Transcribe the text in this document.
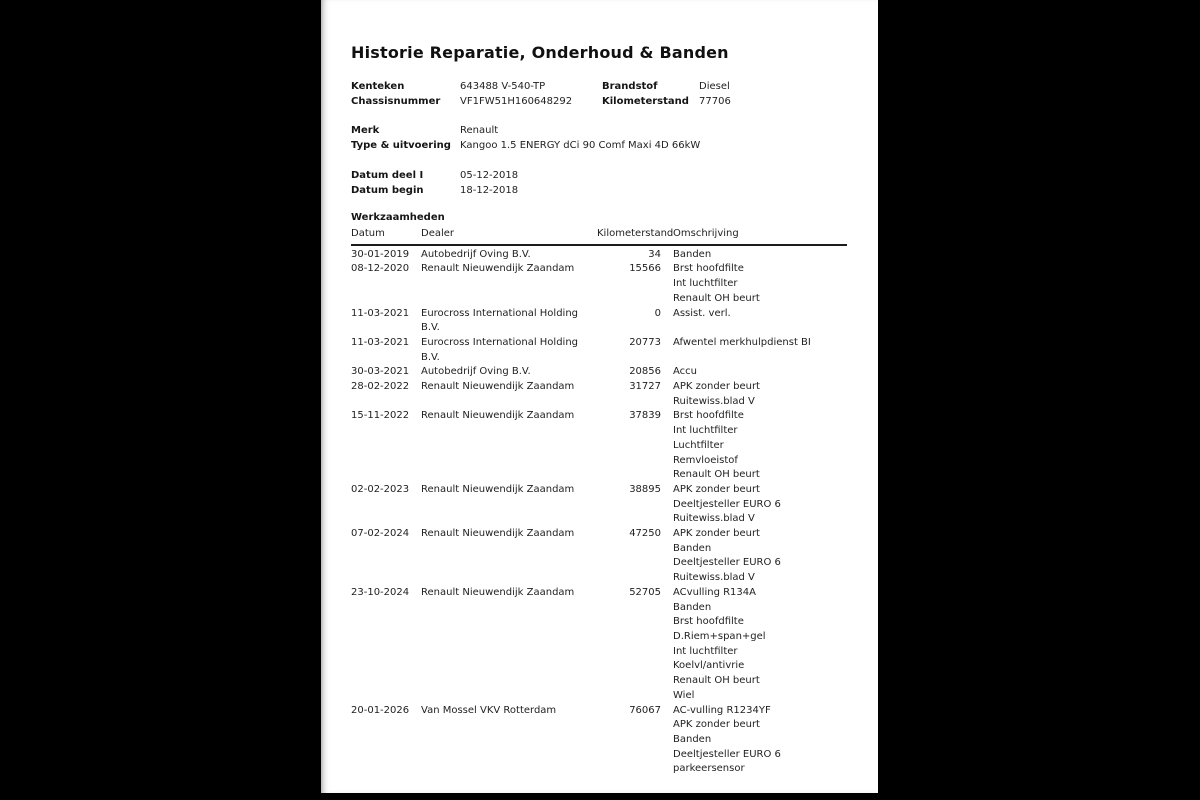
Historie Reparatie, Onderhoud & Banden
Kenteken	643488 V-540-TP	Brandstof	Diesel
Chassisnummer	VF1FW51H160648292	Kilometerstand	77706
Merk	Renault
Type & uitvoering Kangoo 1.5 ENERGY dCi 90 Comf Maxi 4D 66kW
Datum deel I	05-12-2018
Datum begin	18-12-2018
Werkzaamheden
Datum	Dealer	Kilometerstand	Omschrijving
30-01-2019	Autobedrijf Oving B.V.	34	Banden

08-12-2020	Renault Nieuwendijk Zaandam	15566	Brst hoofdfilte
Int luchtfilter
Renault OH beurt

11-03-2021	Eurocross International Holding B.V.	0	Assist. verl.

11-03-2021	Eurocross International Holding B.V.	20773	Afwentel merkhulpdienst BI

30-03-2021	Autobedrijf Oving B.V.	20856	Accu

28-02-2022	Renault Nieuwendijk Zaandam	31727	APK zonder beurt
Ruitewiss.blad V

15-11-2022	Renault Nieuwendijk Zaandam	37839	Brst hoofdfilte
Int luchtfilter
Luchtfilter
Remvloeistof
Renault OH beurt

02-02-2023	Renault Nieuwendijk Zaandam	38895	APK zonder beurt
Deeltjesteller EURO 6
Ruitewiss.blad V

07-02-2024	Renault Nieuwendijk Zaandam	47250	APK zonder beurt
Banden
Deeltjesteller EURO 6
Ruitewiss.blad V

23-10-2024	Renault Nieuwendijk Zaandam	52705	ACvulling R134A
Banden
Brst hoofdfilte
D.Riem+span+gel
Int luchtfilter
Koelvl/antivrie
Renault OH beurt
Wiel

20-01-2026	Van Mossel VKV Rotterdam	76067	AC-vulling R1234YF
APK zonder beurt
Banden
Deeltjesteller EURO 6
parkeersensor
